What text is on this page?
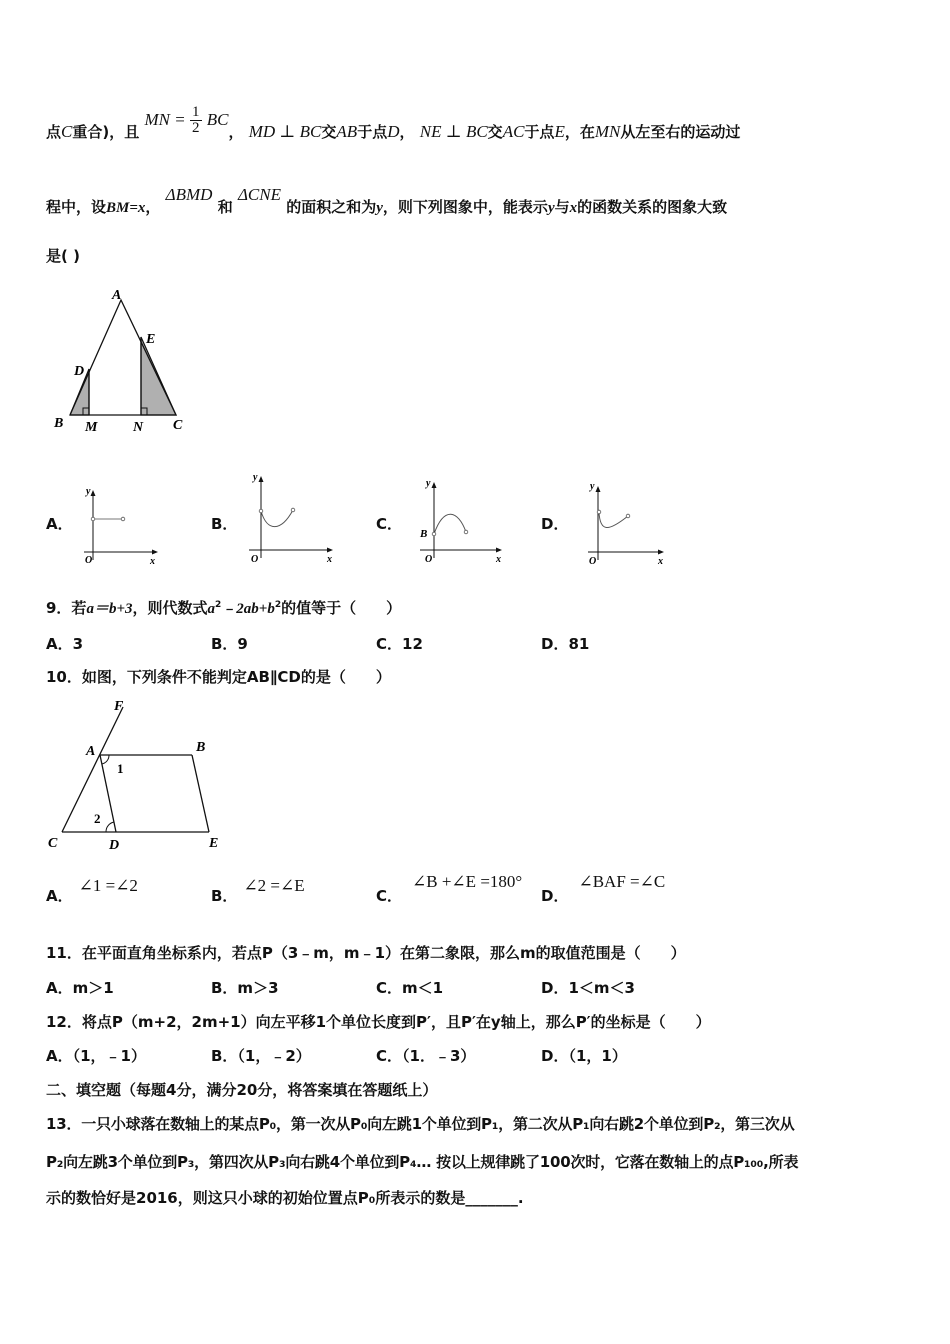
点C重合)，且 MN = $\frac{1}{2}$ BC， MD ⊥ BC交AB于点D， NE ⊥ BC交AC于点E，在MN从左至右的运动过
程中，设BM=x， ΔBMD 和 ΔCNE 的面积之和为y，则下列图象中，能表示y与x的函数关系的图象大致
是( )
A
E
D
B M	N C
A．
y
O	x
B．
y
O	x
C．
y
B
O	x
D．
y
O	x
9．若a＝b+3，则代数式$a^2﹣2ab+b^2$的值等于（　　）
A．3	B．9	C．12	D．81
10．如图，下列条件不能判定AB∥CD的是（　　）
F
A	B
1
2
C	D	E
A．∠1 =∠2
B．∠2 =∠E
C．∠B +∠E =180°
D．∠BAF =∠C
11．在平面直角坐标系内，若点P（3﹣m，m﹣1）在第二象限，那么m的取值范围是（　　）
A．m＞1	B．m＞3	C．m＜1	D．1＜m＜3
12．将点P（m+2，2m+1）向左平移1个单位长度到P′，且P′在y轴上，那么P′的坐标是（　　）
A．（1，﹣1）	B．（1，﹣2）	C．（1．﹣3）	D．（1，1）
二、填空题（每题4分，满分20分，将答案填在答题纸上）
13．一只小球落在数轴上的某点P₀，第一次从P₀向左跳1个单位到P₁，第二次从P₁向右跳2个单位到P₂，第三次从
P₂向左跳3个单位到P₃，第四次从P₃向右跳4个单位到P₄… 按以上规律跳了100次时，它落在数轴上的点P₁₀₀,所表
示的数恰好是2016，则这只小球的初始位置点P₀所表示的数是_______.
